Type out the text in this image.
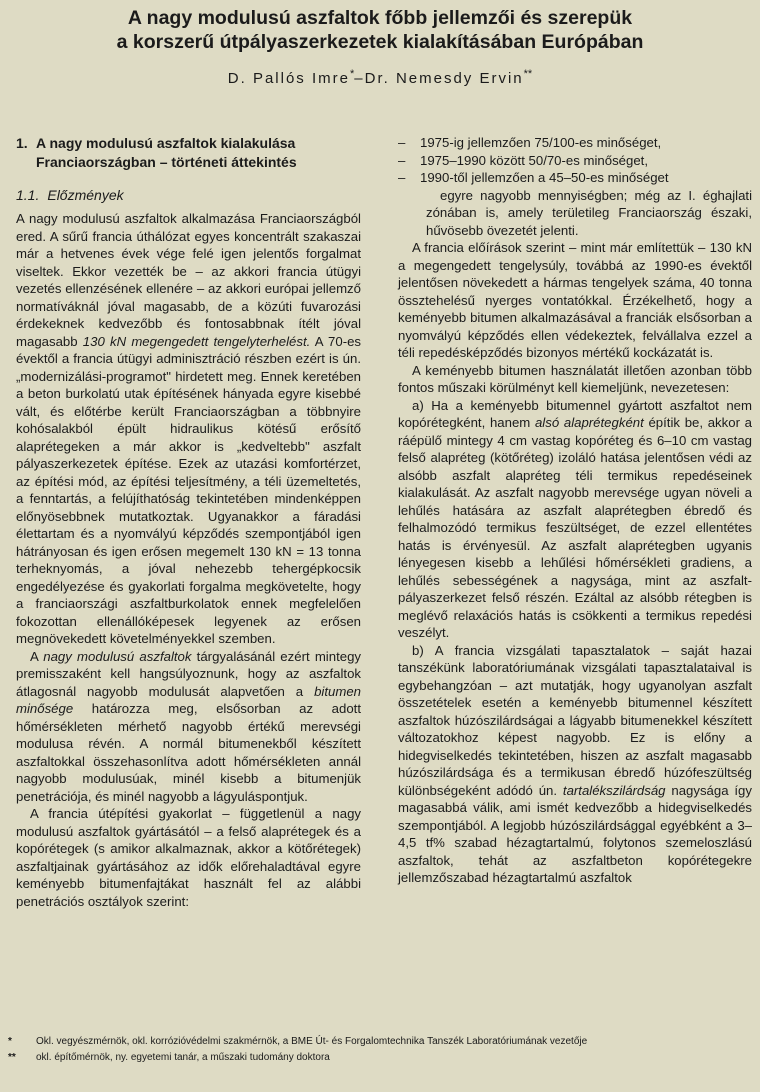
A nagy modulusú aszfaltok főbb jellemzői és szerepük
a korszerű útpályaszerkezetek kialakításában Európában
D. Pallós Imre*–Dr. Nemesdy Ervin**
1. A nagy modulusú aszfaltok kialakulása Franciaországban – történeti áttekintés
1.1. Előzmények

A nagy modulusú aszfaltok alkalmazása Franciaországból ered. A sűrű francia úthálózat egyes koncentrált szakaszai már a hetvenes évek vége felé igen jelentős forgalmat viseltek. Ekkor vezették be – az akkori francia útügyi vezetés ellenzésének ellenére – az akkori európai jellemző normatíváknál jóval magasabb, de a közúti fuvarozási érdekeknek kedvezőbb és fontosabbnak ítélt jóval magasabb 130 kN megengedett tengelyterhelést. A 70-es évektől a francia útügyi adminisztráció részben ezért is ún. „modernizálási-programot" hirdetett meg. Ennek keretében a beton burkolatú utak építésének hányada egyre kisebbé vált, és előtérbe került Franciaországban a többnyire kohósalakból épült hidraulikus kötésű erősítő alaprétegeken a már akkor is „kedveltebb" aszfalt pályaszerkezetek építése. Ezek az utazási komfortérzet, az építési mód, az építési teljesítmény, a téli üzemeltetés, a fenntartás, a felújíthatóság tekintetében mindenképpen előnyösebbnek mutatkoztak. Ugyanakkor a fáradási élettartam és a nyomvályú képződés szempontjából igen hátrányosan és igen erősen megemelt 130 kN = 13 tonna terheknyomás, a jóval nehezebb tehergépkocsik engedélyezése és gyakorlati forgalma megkövetelte, hogy a franciaországi aszfaltburkolatok ennek megfelelően fokozottan ellenállóképesek legyenek az erősen megnövekedett követelményekkel szemben.

A nagy modulusú aszfaltok tárgyalásánál ezért mintegy premisszaként kell hangsúlyoznunk, hogy az aszfaltok átlagosnál nagyobb modulusát alapvetően a bitumen minősége határozza meg, elsősorban az adott hőmérsékleten mérhető nagyobb értékű merevségi modulusa révén. A normál bitumenekből készített aszfaltokkal összehasonlítva adott hőmérsékleten annál nagyobb modulusúak, minél kisebb a bitumenjük penetrációja, és minél nagyobb a lágyuláspontjuk.

A francia útépítési gyakorlat – függetlenül a nagy modulusú aszfaltok gyártásától – a felső alaprétegek és a kopórétegek (s amikor alkalmaznak, akkor a kötőrétegek) aszfaltjainak gyártásához az idők előrehaladtával egyre keményebb bitumenfajtákat használt fel az alábbi penetrációs osztályok szerint:

–	1975-ig jellemzően 75/100-es minőséget,
–	1975–1990 között 50/70-es minőséget,
–	1990-től jellemzően a 45–50-es minőséget

egyre nagyobb mennyiségben; még az I. éghajlati zónában is, amely területileg Franciaország északi, hűvösebb övezetét jelenti.

A francia előírások szerint – mint már említettük – 130 kN a megengedett tengelysúly, továbbá az 1990-es évektől jelentősen növekedett a hármas tengelyek száma, 40 tonna össztehelésű nyerges vontatókkal. Érzékelhető, hogy a keményebb bitumen alkalmazásával a franciák elsősorban a nyomvályú képződés ellen védekeztek, felvállalva ezzel a téli repedésképződés bizonyos mértékű kockázatát is.

A keményebb bitumen használatát illetően azonban több fontos műszaki körülményt kell kiemeljünk, nevezetesen:

a) Ha a keményebb bitumennel gyártott aszfaltot nem kopórétegként, hanem alsó alaprétegként építik be, akkor a ráépülő mintegy 4 cm vastag kopóréteg és 6–10 cm vastag felső alapréteg (kötőréteg) izoláló hatása jelentősen védi az alsóbb aszfalt alapréteg téli termikus repedéseinek kialakulását. Az aszfalt nagyobb merevsége ugyan növeli a lehűlés hatására az aszfalt alaprétegben ébredő és felhalmozódó termikus feszültséget, de ezzel ellentétes hatás is érvényesül. Az aszfalt alaprétegben ugyanis lényegesen kisebb a lehűlési hőmérsékleti gradiens, a lehűlés sebességének a nagysága, mint az aszfalt-pályaszerkezet felső részén. Ezáltal az alsóbb rétegben is meglévő relaxációs hatás is csökkenti a termikus repedési veszélyt.

b) A francia vizsgálati tapasztalatok – saját hazai tanszékünk laboratóriumának vizsgálati tapasztalataival is egybehangzóan – azt mutatják, hogy ugyanolyan aszfalt összetételek esetén a keményebb bitumennel készített aszfaltok húzószilárdságai a lágyabb bitumenekkel készített változatokhoz képest nagyobb. Ez is előny a hidegviselkedés tekintetében, hiszen az aszfalt magasabb húzószilárdsága és a termikusan ébredő húzófeszültség különbségeként adódó ún. tartalékszilárdság nagysága így magasabbá válik, ami ismét kedvezőbb a hidegviselkedés szempontjából. A legjobb húzószilárdsággal egyébként a 3–4,5 tf% szabad hézagtartalmú, folytonos szemeloszlású aszfaltok, tehát az aszfaltbeton kopórétegekre jellemzőszabad hézagtartalmú aszfaltok

*	Okl. vegyészmérnök, okl. korrózióvédelmi szakmérnök, a BME Út- és Forgalomtechnika Tanszék Laboratóriumának vezetője
**	okl. építőmérnök, ny. egyetemi tanár, a műszaki tudomány doktora
